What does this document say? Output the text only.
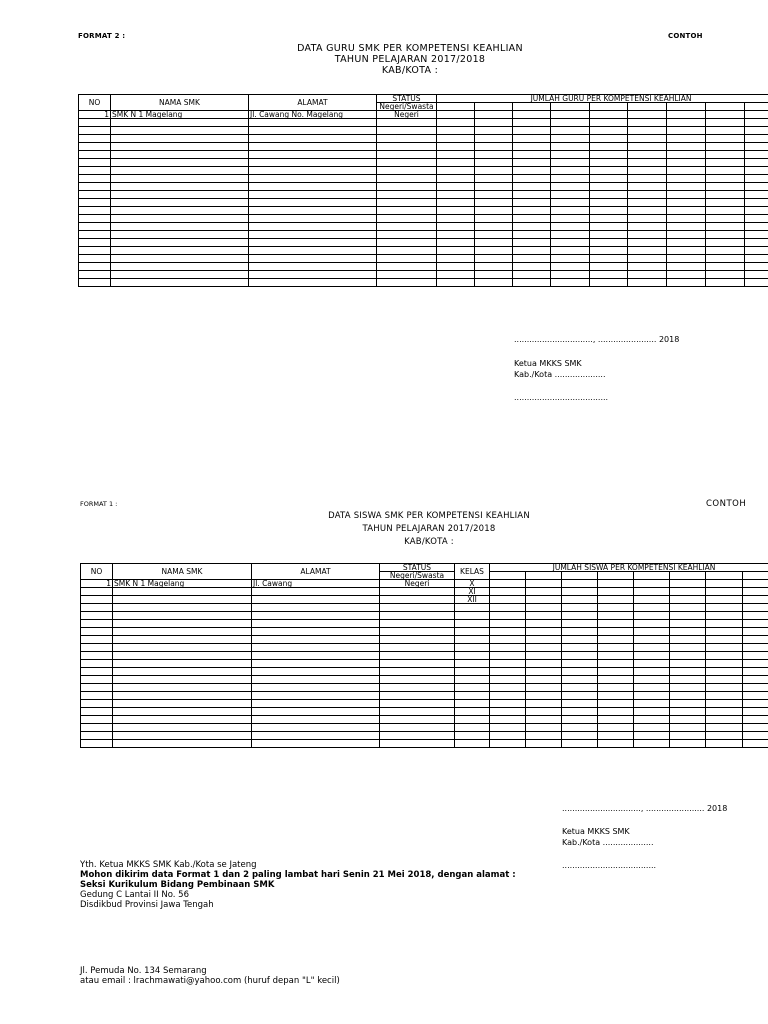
FORMAT 2 :	CONTOH
DATA GURU SMK PER KOMPETENSI KEAHLIAN
TAHUN PELAJARAN 2017/2018
KAB/KOTA :
NO	NAMA SMK	ALAMAT	STATUS	JUMLAH GURU PER KOMPETENSI KEAHLIAN								
			Negeri/Swasta									
1	SMK N 1 Magelang	Jl. Cawang No. Magelang	Negeri									

..............................., ....................... 2018
Ketua MKKS SMK
Kab./Kota ....................
.....................................
FORMAT 1 :	CONTOH
DATA SISWA SMK PER KOMPETENSI KEAHLIAN
TAHUN PELAJARAN 2017/2018
KAB/KOTA :
NO	NAMA SMK	ALAMAT	STATUS	KELAS	JUMLAH SISWA PER KOMPETENSI KEAHLIAN							
			Negeri/Swasta									
1	SMK N 1 Magelang	Jl. Cawang	Negeri	X								
				XI								
				XII								

..............................., ....................... 2018
Ketua MKKS SMK
Kab./Kota ....................
.....................................
Yth. Ketua MKKS SMK Kab./Kota se Jateng
Mohon dikirim data Format 1 dan 2 paling lambat hari Senin 21 Mei 2018, dengan alamat :
Seksi Kurikulum Bidang Pembinaan SMK
Gedung C Lantai II No. 56
Disdikbud Provinsi Jawa Tengah
Jl. Pemuda No. 134 Semarang
atau email : lrachmawati@yahoo.com (huruf depan "L" kecil)
